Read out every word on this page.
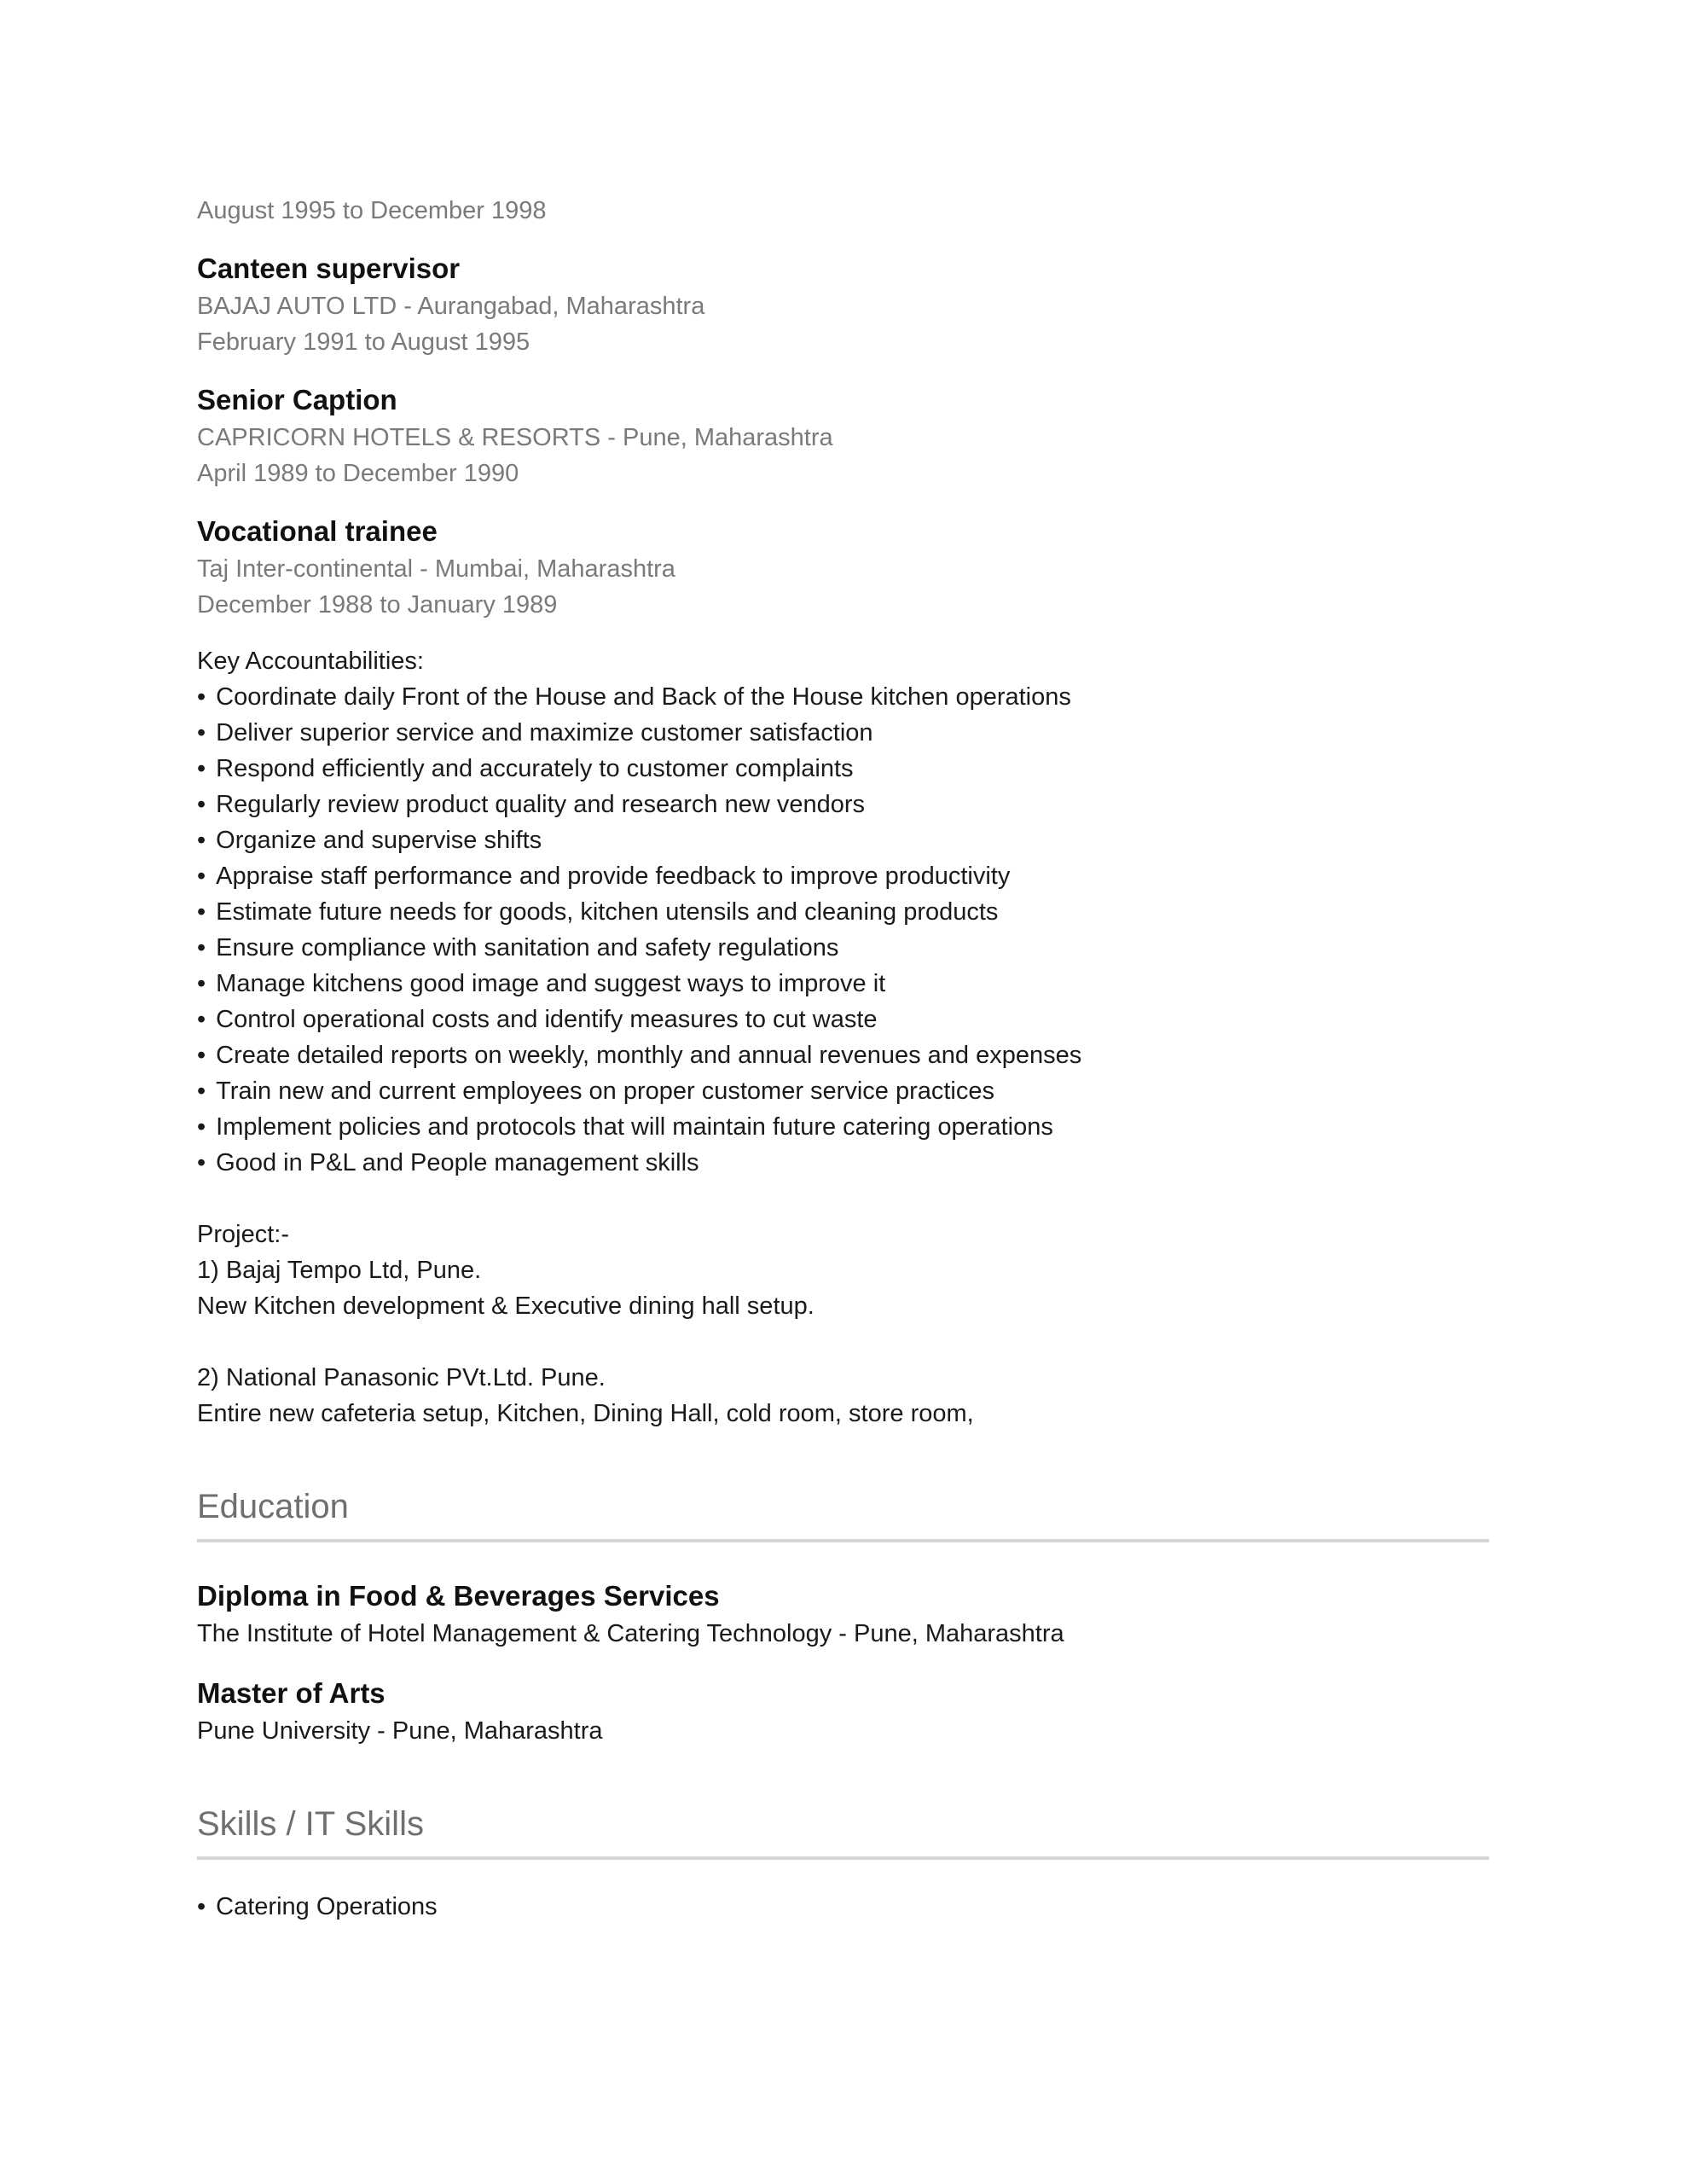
August 1995 to December 1998
Canteen supervisor
BAJAJ AUTO LTD - Aurangabad, Maharashtra
February 1991 to August 1995
Senior Caption
CAPRICORN HOTELS & RESORTS - Pune, Maharashtra
April 1989 to December 1990
Vocational trainee
Taj Inter-continental - Mumbai, Maharashtra
December 1988 to January 1989
Key Accountabilities:
• Coordinate daily Front of the House and Back of the House kitchen operations
• Deliver superior service and maximize customer satisfaction
• Respond efficiently and accurately to customer complaints
• Regularly review product quality and research new vendors
• Organize and supervise shifts
• Appraise staff performance and provide feedback to improve productivity
• Estimate future needs for goods, kitchen utensils and cleaning products
• Ensure compliance with sanitation and safety regulations
• Manage kitchens good image and suggest ways to improve it
• Control operational costs and identify measures to cut waste
• Create detailed reports on weekly, monthly and annual revenues and expenses
• Train new and current employees on proper customer service practices
• Implement policies and protocols that will maintain future catering operations
• Good in P&L and People management skills
Project:-
1) Bajaj Tempo Ltd, Pune.
New Kitchen development & Executive dining hall setup.
2) National Panasonic PVt.Ltd. Pune.
Entire new cafeteria setup, Kitchen, Dining Hall, cold room, store room,
Education
Diploma in Food & Beverages Services
The Institute of Hotel Management & Catering Technology - Pune, Maharashtra
Master of Arts
Pune University - Pune, Maharashtra
Skills / IT Skills
• Catering Operations
